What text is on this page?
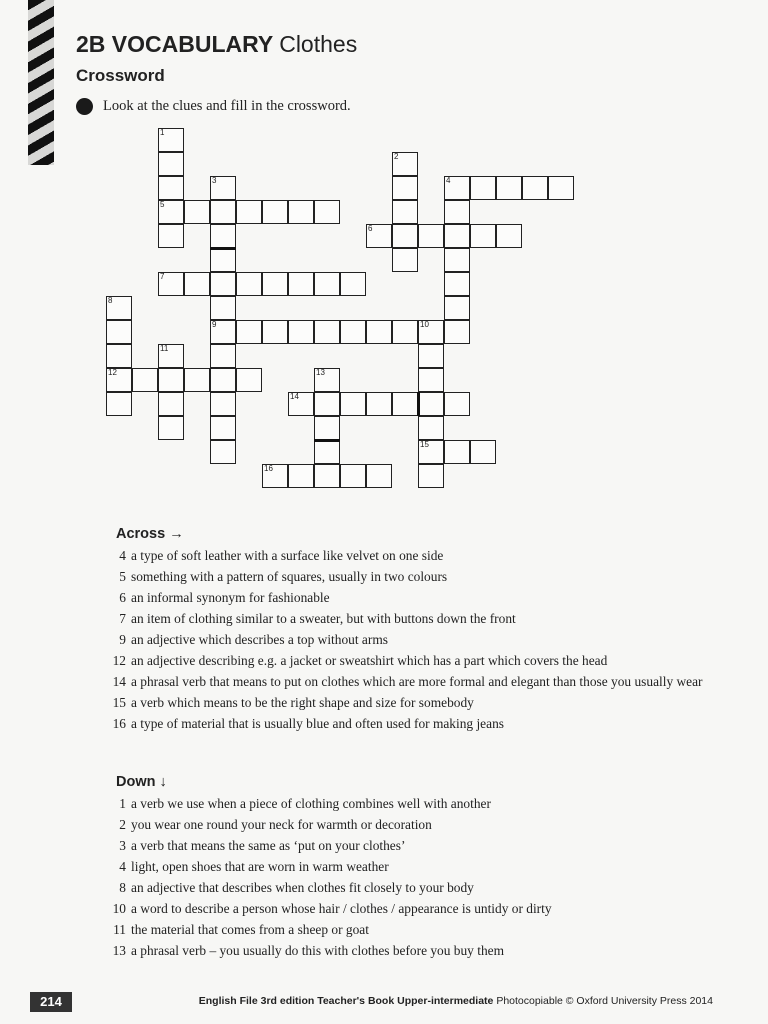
2B VOCABULARY Clothes
Crossword
Look at the clues and fill in the crossword.
1
5
2
3
9
4
6
7
8
12
10
15
11
13
14
16
Across →
4 a type of soft leather with a surface like velvet on one side
5 something with a pattern of squares, usually in two colours
6 an informal synonym for fashionable
7 an item of clothing similar to a sweater, but with buttons down the front
9 an adjective which describes a top without arms
12 an adjective describing e.g. a jacket or sweatshirt which has a part which covers the head
14 a phrasal verb that means to put on clothes which are more formal and elegant than those you usually wear
15 a verb which means to be the right shape and size for somebody
16 a type of material that is usually blue and often used for making jeans
Down ↓
1 a verb we use when a piece of clothing combines well with another
2 you wear one round your neck for warmth or decoration
3 a verb that means the same as ‘put on your clothes’
4 light, open shoes that are worn in warm weather
8 an adjective that describes when clothes fit closely to your body
10 a word to describe a person whose hair / clothes / appearance is untidy or dirty
11 the material that comes from a sheep or goat
13 a phrasal verb – you usually do this with clothes before you buy them
214	English File 3rd edition Teacher's Book Upper-intermediate Photocopiable © Oxford University Press 2014
